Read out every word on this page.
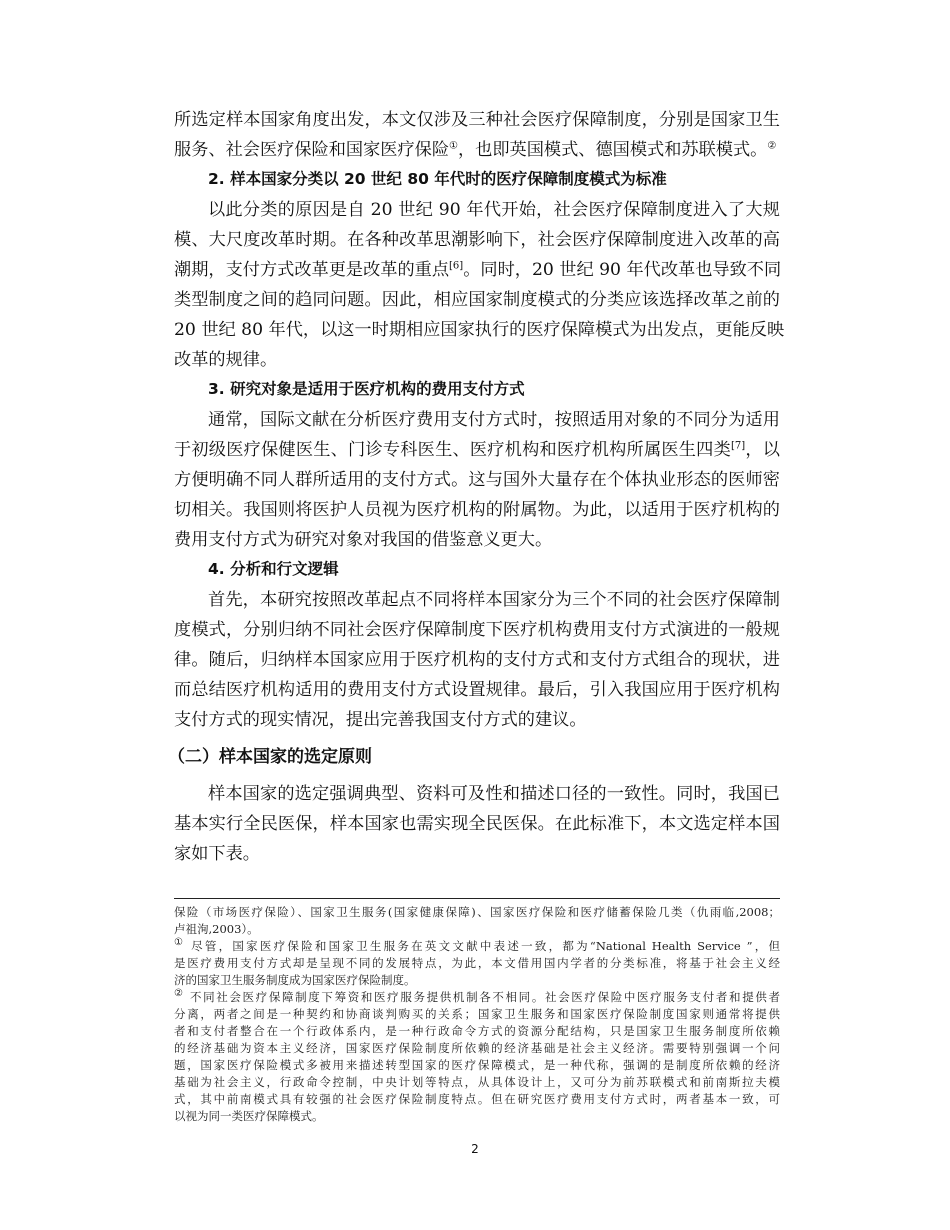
所选定样本国家角度出发，本文仅涉及三种社会医疗保障制度，分别是国家卫生
服务、社会医疗保险和国家医疗保险①，也即英国模式、德国模式和苏联模式。②
2. 样本国家分类以 20 世纪 80 年代时的医疗保障制度模式为标准
以此分类的原因是自 20 世纪 90 年代开始，社会医疗保障制度进入了大规
模、大尺度改革时期。在各种改革思潮影响下，社会医疗保障制度进入改革的高
潮期，支付方式改革更是改革的重点[6]。同时，20 世纪 90 年代改革也导致不同
类型制度之间的趋同问题。因此，相应国家制度模式的分类应该选择改革之前的
20 世纪 80 年代，以这一时期相应国家执行的医疗保障模式为出发点，更能反映
改革的规律。
3. 研究对象是适用于医疗机构的费用支付方式
通常，国际文献在分析医疗费用支付方式时，按照适用对象的不同分为适用
于初级医疗保健医生、门诊专科医生、医疗机构和医疗机构所属医生四类[7]，以
方便明确不同人群所适用的支付方式。这与国外大量存在个体执业形态的医师密
切相关。我国则将医护人员视为医疗机构的附属物。为此，以适用于医疗机构的
费用支付方式为研究对象对我国的借鉴意义更大。
4. 分析和行文逻辑
首先，本研究按照改革起点不同将样本国家分为三个不同的社会医疗保障制
度模式，分别归纳不同社会医疗保障制度下医疗机构费用支付方式演进的一般规
律。随后，归纳样本国家应用于医疗机构的支付方式和支付方式组合的现状，进
而总结医疗机构适用的费用支付方式设置规律。最后，引入我国应用于医疗机构
支付方式的现实情况，提出完善我国支付方式的建议。
（二）样本国家的选定原则
样本国家的选定强调典型、资料可及性和描述口径的一致性。同时，我国已
基本实行全民医保，样本国家也需实现全民医保。在此标准下，本文选定样本国
家如下表。
保险（市场医疗保险）、国家卫生服务(国家健康保障)、国家医疗保险和医疗储蓄保险几类（仇雨临,2008；
卢祖洵,2003）。
① 尽管，国家医疗保险和国家卫生服务在英文文献中表述一致，都为“National Health Service ”，但
是医疗费用支付方式却是呈现不同的发展特点，为此，本文借用国内学者的分类标准，将基于社会主义经
济的国家卫生服务制度成为国家医疗保险制度。
② 不同社会医疗保障制度下筹资和医疗服务提供机制各不相同。社会医疗保险中医疗服务支付者和提供者
分离，两者之间是一种契约和协商谈判购买的关系；国家卫生服务和国家医疗保险制度国家则通常将提供
者和支付者整合在一个行政体系内，是一种行政命令方式的资源分配结构，只是国家卫生服务制度所依赖
的经济基础为资本主义经济，国家医疗保险制度所依赖的经济基础是社会主义经济。需要特别强调一个问
题，国家医疗保险模式多被用来描述转型国家的医疗保障模式，是一种代称，强调的是制度所依赖的经济
基础为社会主义，行政命令控制，中央计划等特点，从具体设计上，又可分为前苏联模式和前南斯拉夫模
式，其中前南模式具有较强的社会医疗保险制度特点。但在研究医疗费用支付方式时，两者基本一致，可
以视为同一类医疗保障模式。
2
